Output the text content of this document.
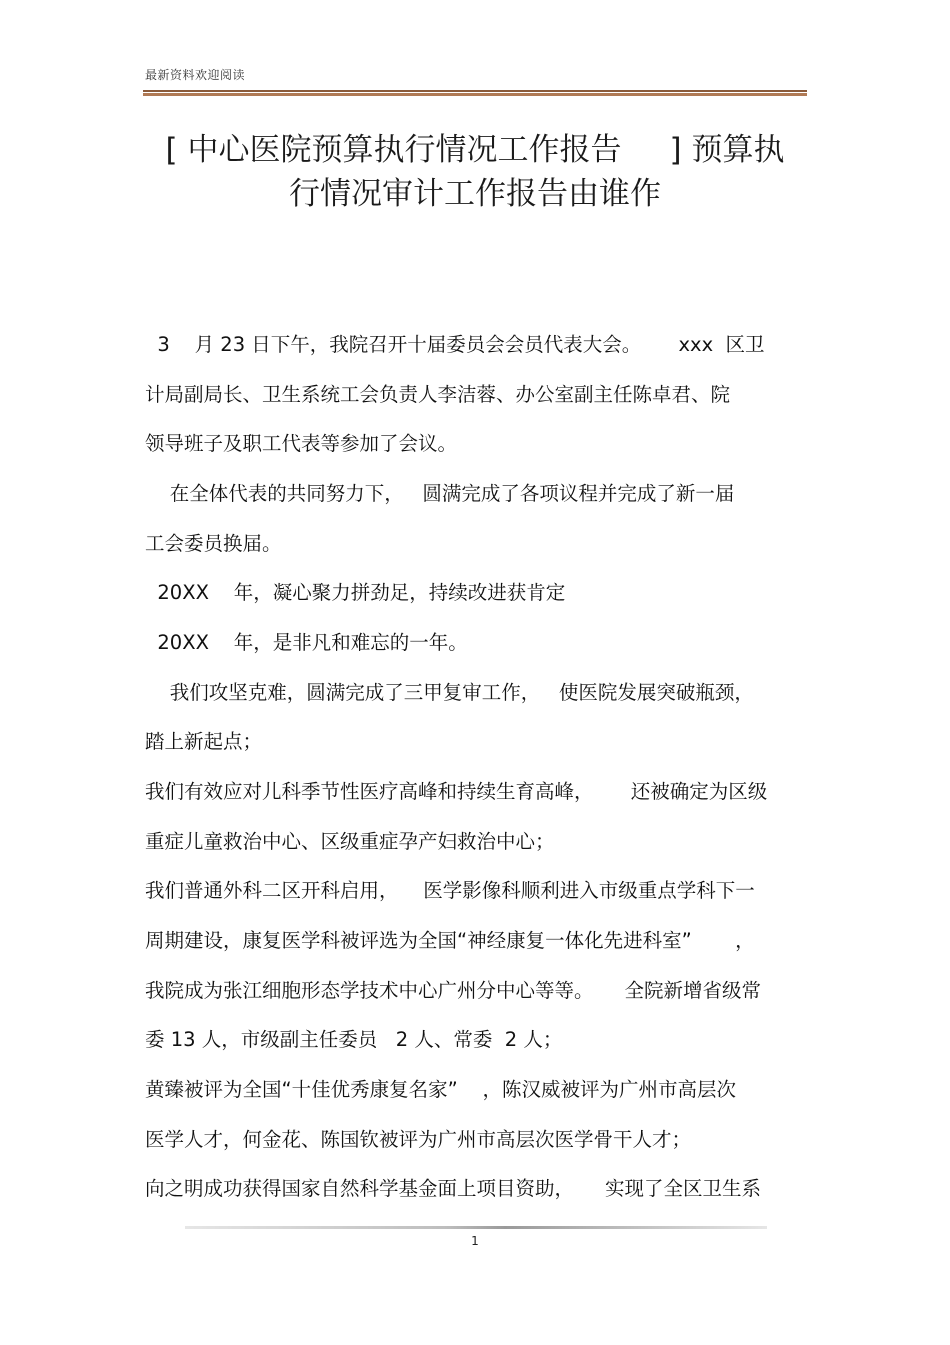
最新资料欢迎阅读
[ 中心医院预算执行情况工作报告 ] 预算执
行情况审计工作报告由谁作
3    月 23 日下午，我院召开十届委员会会员代表大会。      xxx  区卫
计局副局长、卫生系统工会负责人李洁蓉、办公室副主任陈卓君、院
领导班子及职工代表等参加了会议。
在全体代表的共同努力下，   圆满完成了各项议程并完成了新一届
工会委员换届。
20XX    年，凝心聚力拼劲足，持续改进获肯定
20XX    年，是非凡和难忘的一年。
我们攻坚克难，圆满完成了三甲复审工作，   使医院发展突破瓶颈，
踏上新起点；
我们有效应对儿科季节性医疗高峰和持续生育高峰，      还被确定为区级
重症儿童救治中心、区级重症孕产妇救治中心；
我们普通外科二区开科启用，    医学影像科顺利进入市级重点学科下一
周期建设，康复医学科被评选为全国“神经康复一体化先进科室”       ，
我院成为张江细胞形态学技术中心广州分中心等等。     全院新增省级常
委 13 人，市级副主任委员   2 人、常委  2 人；
黄臻被评为全国“十佳优秀康复名家”    ，陈汉威被评为广州市高层次
医学人才，何金花、陈国钦被评为广州市高层次医学骨干人才；
向之明成功获得国家自然科学基金面上项目资助，     实现了全区卫生系
1
